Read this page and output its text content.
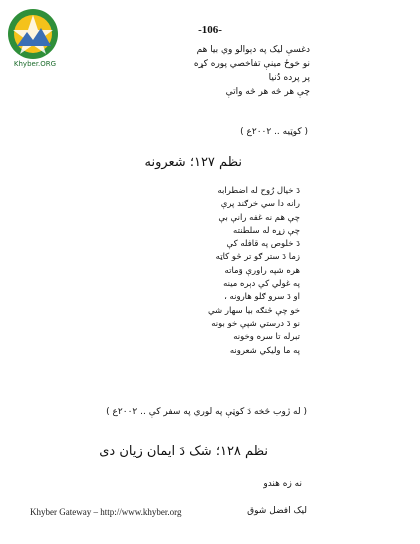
Khyber.ORG
-106-
دغسې ليک په دېوالو وي بيا هم
نو خوځ مينې تفاخصي پوره کړه
پر پرده دُنيا
چې هر څه هر څه واتې
( کوټيه .. ۲۰۰۲ع )
نظم ۱۲۷؛ شعرونه
دَ خيال رُوح له اضطرابه
رانه دا سي خرګند پرې
چې هم نه غفه رانې بې
چې زړه له سلطنته
دَ خلوص په قافله کې
زما دَ ستر ګو تر څو کاټه
هره شپه راورې وَماته
په غولي کې دېره مينه
او دَ سرو ګلو هارونه ،
خو چې څنګه بيا سهار شي
نو دَ درستي شپې خو بونه
تبرله تا سره وخونه
په ما وليکي شعرونه
( له ژوب څخه دَ کوټې په لوري په سفر کې .. ۲۰۰۲ع )
نظم ۱۲۸؛ شک دَ ايمان زيان دی
نه زه هندو
Khyber Gateway – http://www.khyber.org	ليک افضل شوق
